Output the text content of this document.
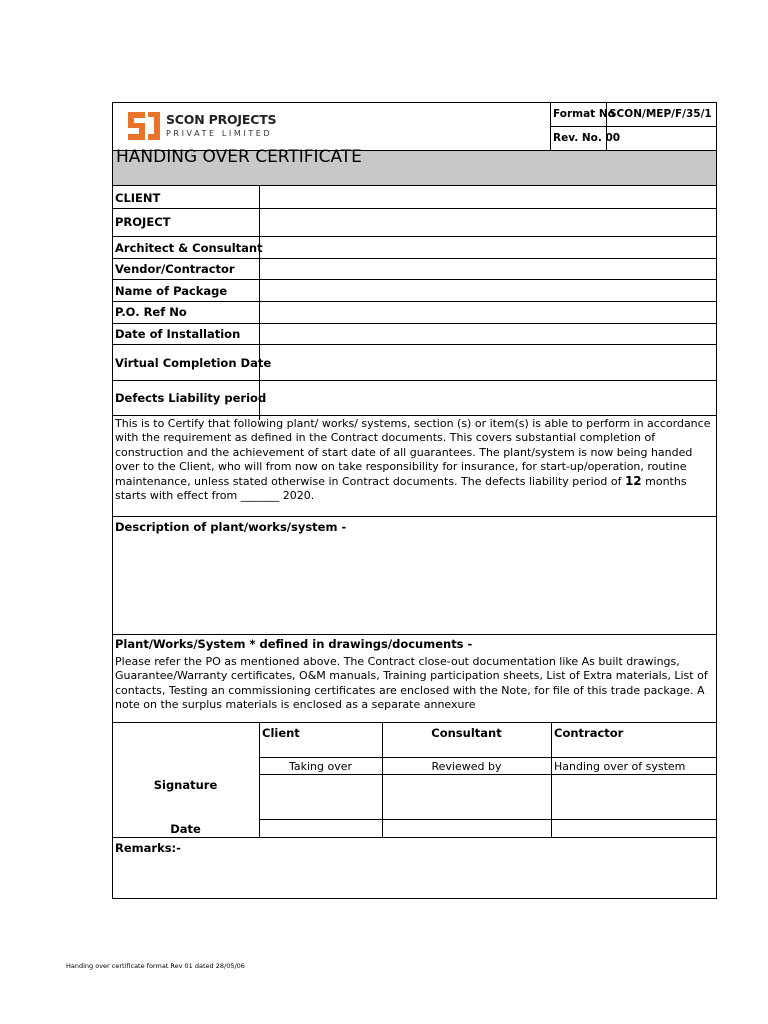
SCON PROJECTS
PRIVATE LIMITED
Format No
SCON/MEP/F/35/1
Rev. No. 00
HANDING OVER CERTIFICATE
CLIENT
PROJECT
Architect & Consultant
Vendor/Contractor
Name of Package
P.O. Ref No
Date of Installation
Virtual Completion Date
Defects Liability period
This is to Certify that following plant/ works/ systems, section (s) or item(s) is able to perform in accordance with the requirement as defined in the Contract documents. This covers substantial completion of construction and the achievement of start date of all guarantees. The plant/system is now being handed over to the Client, who will from now on take responsibility for insurance, for start-up/operation, routine maintenance, unless stated otherwise in Contract documents. The defects liability period of 12 months starts with effect from _______ 2020.
Description of plant/works/system -
Plant/Works/System * defined in drawings/documents -
Please refer the PO as mentioned above. The Contract close-out documentation like As built drawings, Guarantee/Warranty certificates, O&M manuals, Training participation sheets, List of Extra materials, List of contacts, Testing an commissioning certificates are enclosed with the Note, for file of this trade package. A note on the surplus materials is enclosed as a separate annexure
Client	Consultant	Contractor
Taking over	Reviewed by	Handing over of system
Signature
Date
Remarks:-
Handing over certificate format Rev 01 dated 28/05/06
